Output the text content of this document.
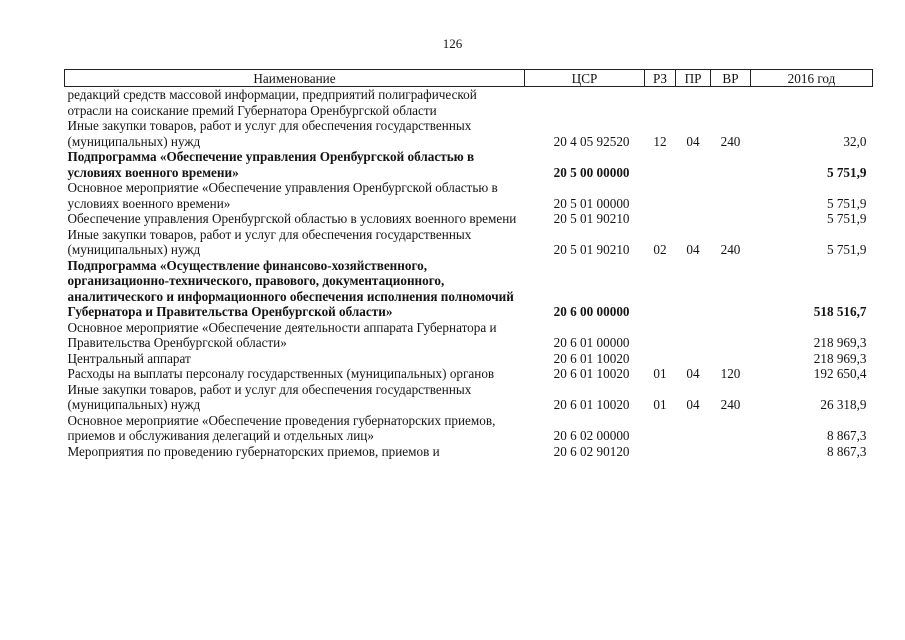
126
Наименование	ЦСР	РЗ	ПР	ВР	2016 год
редакций средств массовой информации, предприятий полиграфической отрасли на соискание премий Губернатора Оренбургской области					
Иные закупки товаров, работ и услуг для обеспечения государственных (муниципальных) нужд	20 4 05 92520	12	04	240	32,0
Подпрограмма «Обеспечение управления Оренбургской областью в условиях военного времени»	20 5 00 00000				5 751,9
Основное мероприятие «Обеспечение управления Оренбургской областью в условиях военного времени»	20 5 01 00000				5 751,9
Обеспечение управления Оренбургской областью в условиях военного времени	20 5 01 90210				5 751,9
Иные закупки товаров, работ и услуг для обеспечения государственных (муниципальных) нужд	20 5 01 90210	02	04	240	5 751,9
Подпрограмма «Осуществление финансово-хозяйственного, организационно-технического, правового, документационного, аналитического и информационного обеспечения исполнения полномочий Губернатора и Правительства Оренбургской области»	20 6 00 00000				518 516,7
Основное мероприятие «Обеспечение деятельности аппарата Губернатора и Правительства Оренбургской области»	20 6 01 00000				218 969,3
Центральный аппарат	20 6 01 10020				218 969,3
Расходы на выплаты персоналу государственных (муниципальных) органов	20 6 01 10020	01	04	120	192 650,4
Иные закупки товаров, работ и услуг для обеспечения государственных (муниципальных) нужд	20 6 01 10020	01	04	240	26 318,9
Основное мероприятие «Обеспечение проведения губернаторских приемов, приемов и обслуживания делегаций и отдельных лиц»	20 6 02 00000				8 867,3
Мероприятия по проведению губернаторских приемов, приемов и	20 6 02 90120				8 867,3
